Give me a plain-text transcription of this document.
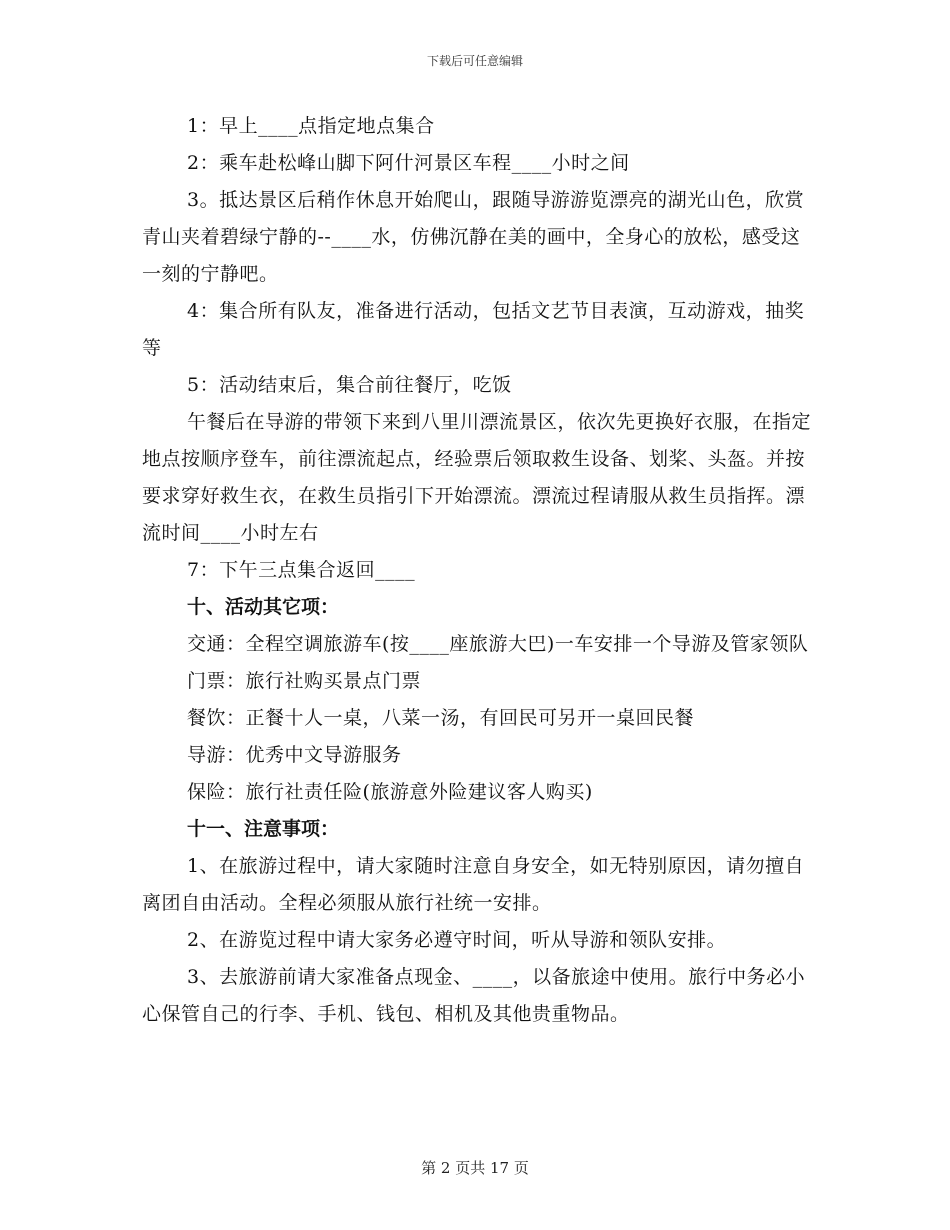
下载后可任意编辑

1：早上____点指定地点集合

2：乘车赴松峰山脚下阿什河景区车程____小时之间

3。抵达景区后稍作休息开始爬山，跟随导游游览漂亮的湖光山色，欣赏青山夹着碧绿宁静的--____水，仿佛沉静在美的画中，全身心的放松，感受这一刻的宁静吧。

4：集合所有队友，准备进行活动，包括文艺节目表演，互动游戏，抽奖等

5：活动结束后，集合前往餐厅，吃饭

午餐后在导游的带领下来到八里川漂流景区，依次先更换好衣服，在指定地点按顺序登车，前往漂流起点，经验票后领取救生设备、划桨、头盔。并按要求穿好救生衣，在救生员指引下开始漂流。漂流过程请服从救生员指挥。漂流时间____小时左右

7：下午三点集合返回____

十、活动其它项：

交通：全程空调旅游车(按____座旅游大巴)一车安排一个导游及管家领队

门票：旅行社购买景点门票

餐饮：正餐十人一桌，八菜一汤，有回民可另开一桌回民餐

导游：优秀中文导游服务

保险：旅行社责任险(旅游意外险建议客人购买)

十一、注意事项：

1、在旅游过程中，请大家随时注意自身安全，如无特别原因，请勿擅自离团自由活动。全程必须服从旅行社统一安排。

2、在游览过程中请大家务必遵守时间，听从导游和领队安排。

3、去旅游前请大家准备点现金、____，以备旅途中使用。旅行中务必小心保管自己的行李、手机、钱包、相机及其他贵重物品。

第 2 页共 17 页
